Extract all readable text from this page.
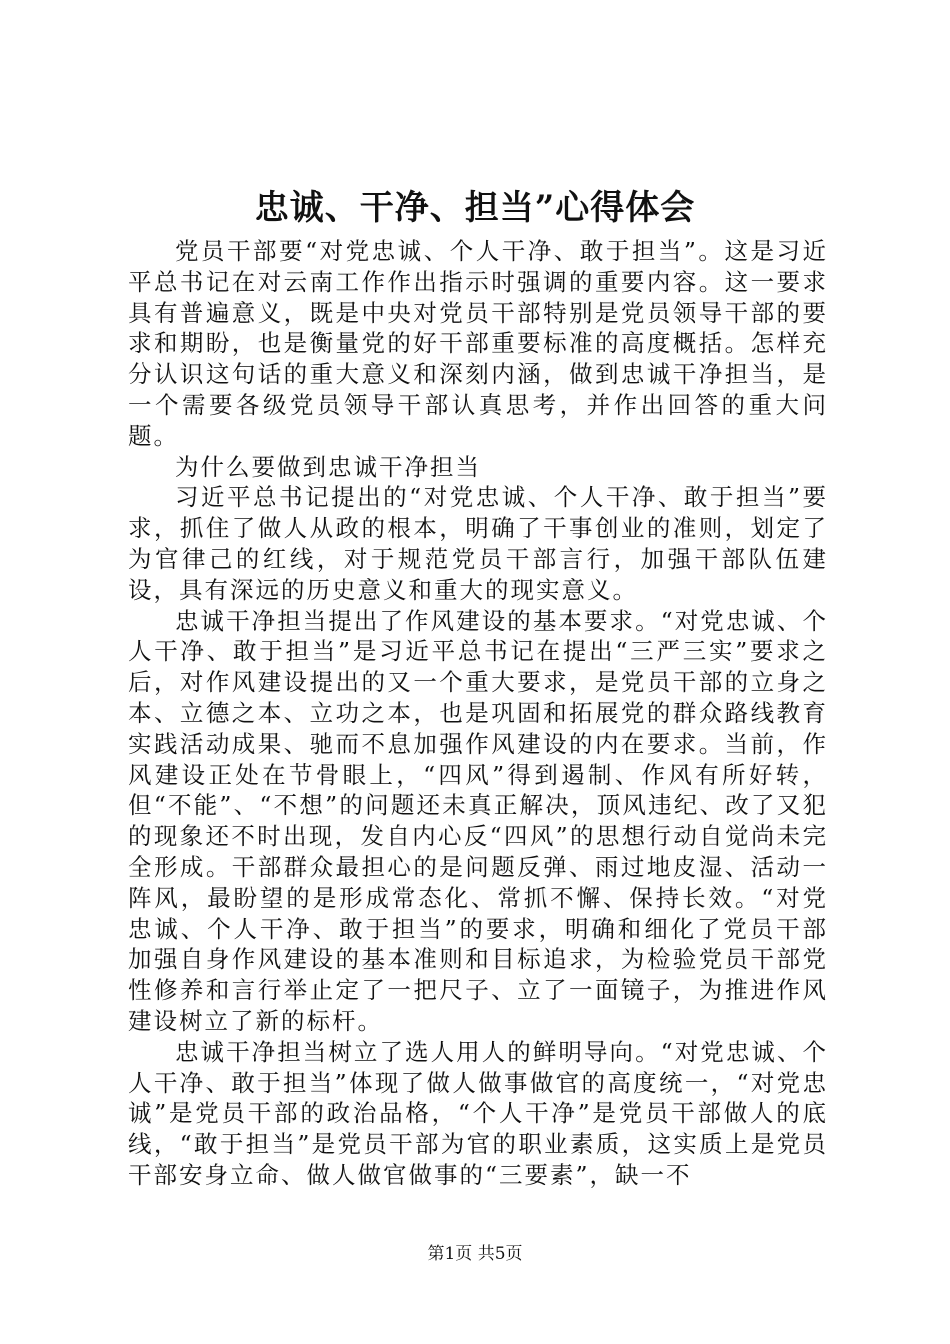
忠诚、干净、担当”心得体会

党员干部要“对党忠诚、个人干净、敢于担当”。这是习近平总书记在对云南工作作出指示时强调的重要内容。这一要求具有普遍意义，既是中央对党员干部特别是党员领导干部的要求和期盼，也是衡量党的好干部重要标准的高度概括。怎样充分认识这句话的重大意义和深刻内涵，做到忠诚干净担当，是一个需要各级党员领导干部认真思考，并作出回答的重大问题。

为什么要做到忠诚干净担当

习近平总书记提出的“对党忠诚、个人干净、敢于担当”要求，抓住了做人从政的根本，明确了干事创业的准则，划定了为官律己的红线，对于规范党员干部言行，加强干部队伍建设，具有深远的历史意义和重大的现实意义。

忠诚干净担当提出了作风建设的基本要求。“对党忠诚、个人干净、敢于担当”是习近平总书记在提出“三严三实”要求之后，对作风建设提出的又一个重大要求，是党员干部的立身之本、立德之本、立功之本，也是巩固和拓展党的群众路线教育实践活动成果、驰而不息加强作风建设的内在要求。当前，作风建设正处在节骨眼上，“四风”得到遏制、作风有所好转，但“不能”、“不想”的问题还未真正解决，顶风违纪、改了又犯的现象还不时出现，发自内心反“四风”的思想行动自觉尚未完全形成。干部群众最担心的是问题反弹、雨过地皮湿、活动一阵风，最盼望的是形成常态化、常抓不懈、保持长效。“对党忠诚、个人干净、敢于担当”的要求，明确和细化了党员干部加强自身作风建设的基本准则和目标追求，为检验党员干部党性修养和言行举止定了一把尺子、立了一面镜子，为推进作风建设树立了新的标杆。

忠诚干净担当树立了选人用人的鲜明导向。“对党忠诚、个人干净、敢于担当”体现了做人做事做官的高度统一，“对党忠诚”是党员干部的政治品格，“个人干净”是党员干部做人的底线，“敢于担当”是党员干部为官的职业素质，这实质上是党员干部安身立命、做人做官做事的“三要素”，缺一不

第1页 共5页
